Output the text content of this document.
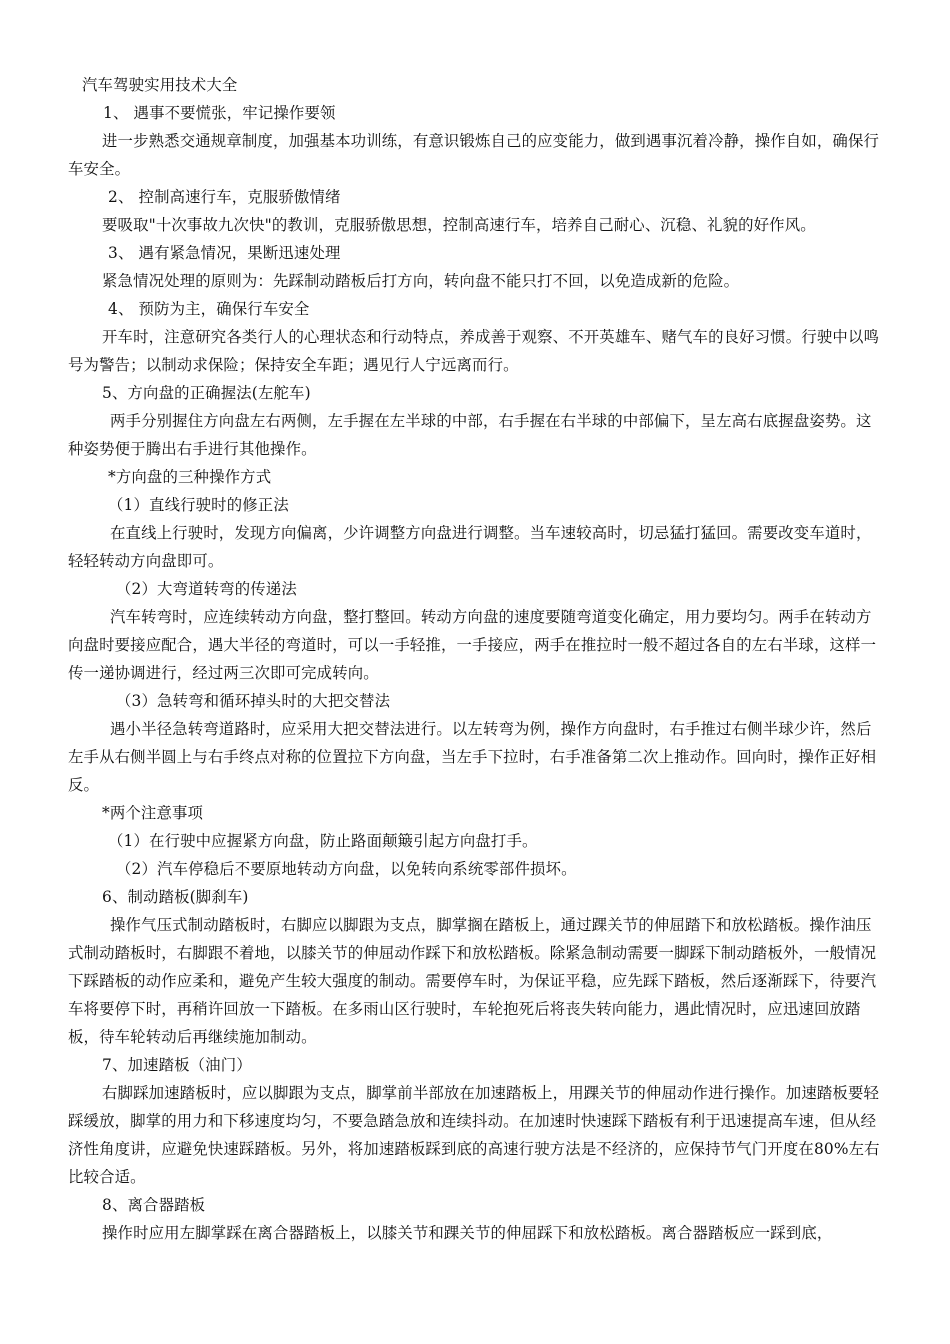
汽车驾驶实用技术大全

1、 遇事不要慌张，牢记操作要领

进一步熟悉交通规章制度，加强基本功训练，有意识锻炼自己的应变能力，做到遇事沉着冷静，操作自如，确保行车安全。

2、 控制高速行车，克服骄傲情绪

要吸取"十次事故九次快"的教训，克服骄傲思想，控制高速行车，培养自己耐心、沉稳、礼貌的好作风。

3、 遇有紧急情况，果断迅速处理

紧急情况处理的原则为：先踩制动踏板后打方向，转向盘不能只打不回，以免造成新的危险。

4、 预防为主，确保行车安全

开车时，注意研究各类行人的心理状态和行动特点，养成善于观察、不开英雄车、赌气车的良好习惯。行驶中以鸣号为警告；以制动求保险；保持安全车距；遇见行人宁远离而行。

5、方向盘的正确握法(左舵车)

两手分别握住方向盘左右两侧，左手握在左半球的中部，右手握在右半球的中部偏下，呈左高右底握盘姿势。这种姿势便于腾出右手进行其他操作。

*方向盘的三种操作方式

（1）直线行驶时的修正法

在直线上行驶时，发现方向偏离，少许调整方向盘进行调整。当车速较高时，切忌猛打猛回。需要改变车道时，轻轻转动方向盘即可。

（2）大弯道转弯的传递法

汽车转弯时，应连续转动方向盘，整打整回。转动方向盘的速度要随弯道变化确定，用力要均匀。两手在转动方向盘时要接应配合，遇大半径的弯道时，可以一手轻推，一手接应，两手在推拉时一般不超过各自的左右半球，这样一传一递协调进行，经过两三次即可完成转向。

（3）急转弯和循环掉头时的大把交替法

遇小半径急转弯道路时，应采用大把交替法进行。以左转弯为例，操作方向盘时，右手推过右侧半球少许，然后左手从右侧半圆上与右手终点对称的位置拉下方向盘，当左手下拉时，右手准备第二次上推动作。回向时，操作正好相反。

*两个注意事项

（1）在行驶中应握紧方向盘，防止路面颠簸引起方向盘打手。

（2）汽车停稳后不要原地转动方向盘，以免转向系统零部件损坏。

6、制动踏板(脚刹车)

操作气压式制动踏板时，右脚应以脚跟为支点，脚掌搁在踏板上，通过踝关节的伸屈踏下和放松踏板。操作油压式制动踏板时，右脚跟不着地，以膝关节的伸屈动作踩下和放松踏板。除紧急制动需要一脚踩下制动踏板外，一般情况下踩踏板的动作应柔和，避免产生较大强度的制动。需要停车时，为保证平稳，应先踩下踏板，然后逐渐踩下，待要汽车将要停下时，再稍许回放一下踏板。在多雨山区行驶时，车轮抱死后将丧失转向能力，遇此情况时，应迅速回放踏板，待车轮转动后再继续施加制动。

7、加速踏板（油门）

右脚踩加速踏板时，应以脚跟为支点，脚掌前半部放在加速踏板上，用踝关节的伸屈动作进行操作。加速踏板要轻踩缓放，脚掌的用力和下移速度均匀，不要急踏急放和连续抖动。在加速时快速踩下踏板有利于迅速提高车速，但从经济性角度讲，应避免快速踩踏板。另外，将加速踏板踩到底的高速行驶方法是不经济的，应保持节气门开度在80%左右比较合适。

8、离合器踏板

操作时应用左脚掌踩在离合器踏板上，以膝关节和踝关节的伸屈踩下和放松踏板。离合器踏板应一踩到底，
